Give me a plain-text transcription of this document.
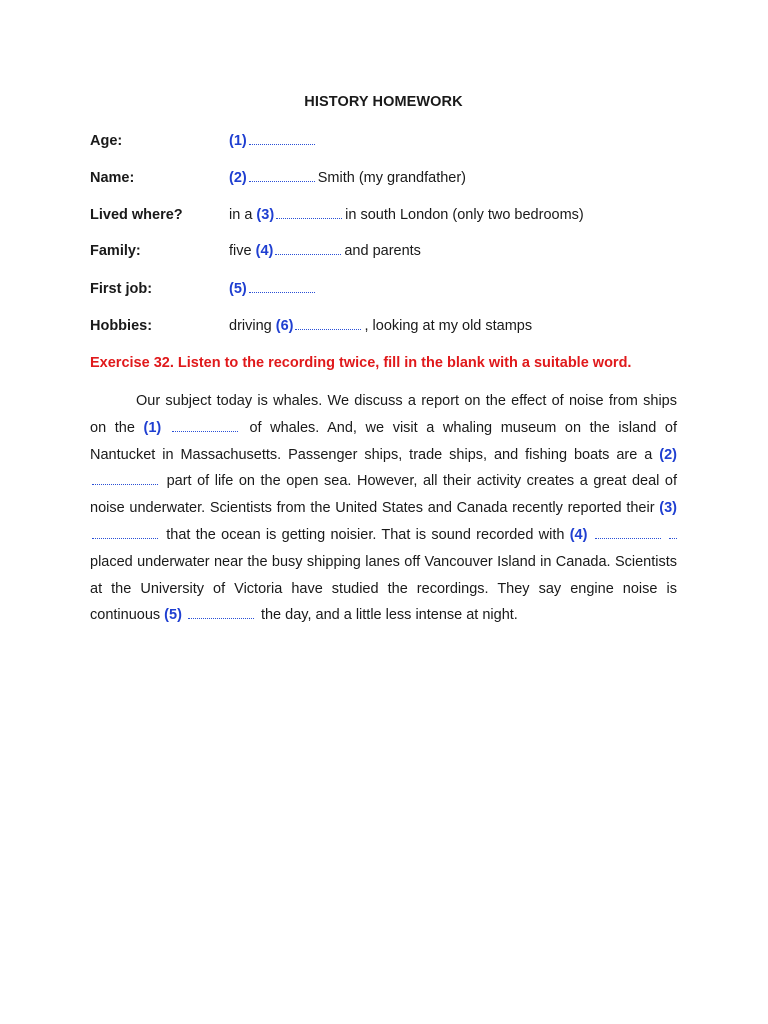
HISTORY HOMEWORK
Age:	(1)
Name:	(2)	Smith (my grandfather)
Lived where?	in a (3)	in south London (only two bedrooms)
Family:	five (4)	and parents
First job:	(5)
Hobbies:	driving (6)	, looking at my old stamps
Exercise 32. Listen to the recording twice, fill in the blank with a suitable word.
Our subject today is whales. We discuss a report on the effect of noise from ships on the (1)	of whales. And, we visit a whaling museum on the island of Nantucket in Massachusetts. Passenger ships, trade ships, and fishing boats are a (2)  part of life on the open sea. However, all their activity creates a great deal of noise underwater. Scientists from the United States and Canada recently reported their (3)  that the ocean is getting noisier. That is sound recorded with (4)   placed underwater near the busy shipping lanes off Vancouver Island in Canada. Scientists at the University of Victoria have studied the recordings. They say engine noise is continuous (5)	the day, and a little less intense at night.
